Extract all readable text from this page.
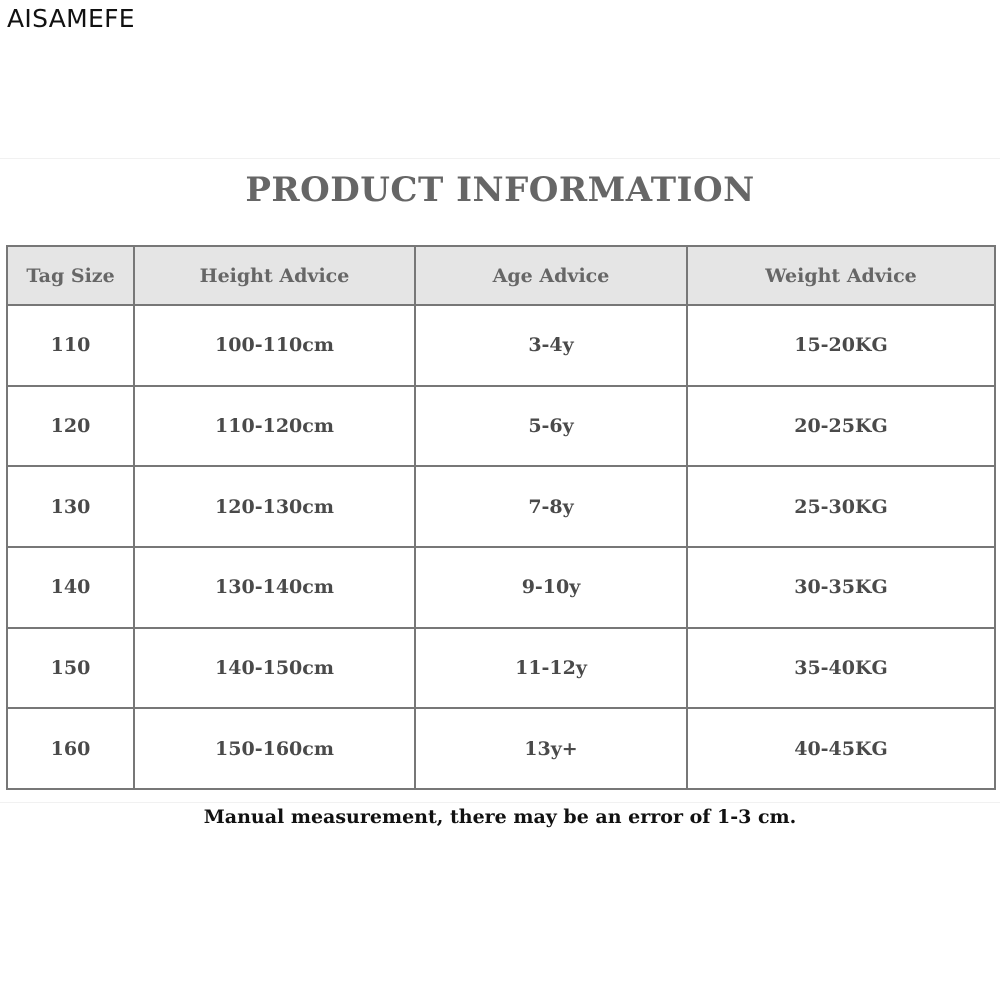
AISAMEFE
PRODUCT INFORMATION
Tag Size	Height Advice	Age Advice	Weight Advice
110	100-110cm	3-4y	15-20KG
120	110-120cm	5-6y	20-25KG
130	120-130cm	7-8y	25-30KG
140	130-140cm	9-10y	30-35KG
150	140-150cm	11-12y	35-40KG
160	150-160cm	13y+	40-45KG
Manual measurement, there may be an error of 1-3 cm.
